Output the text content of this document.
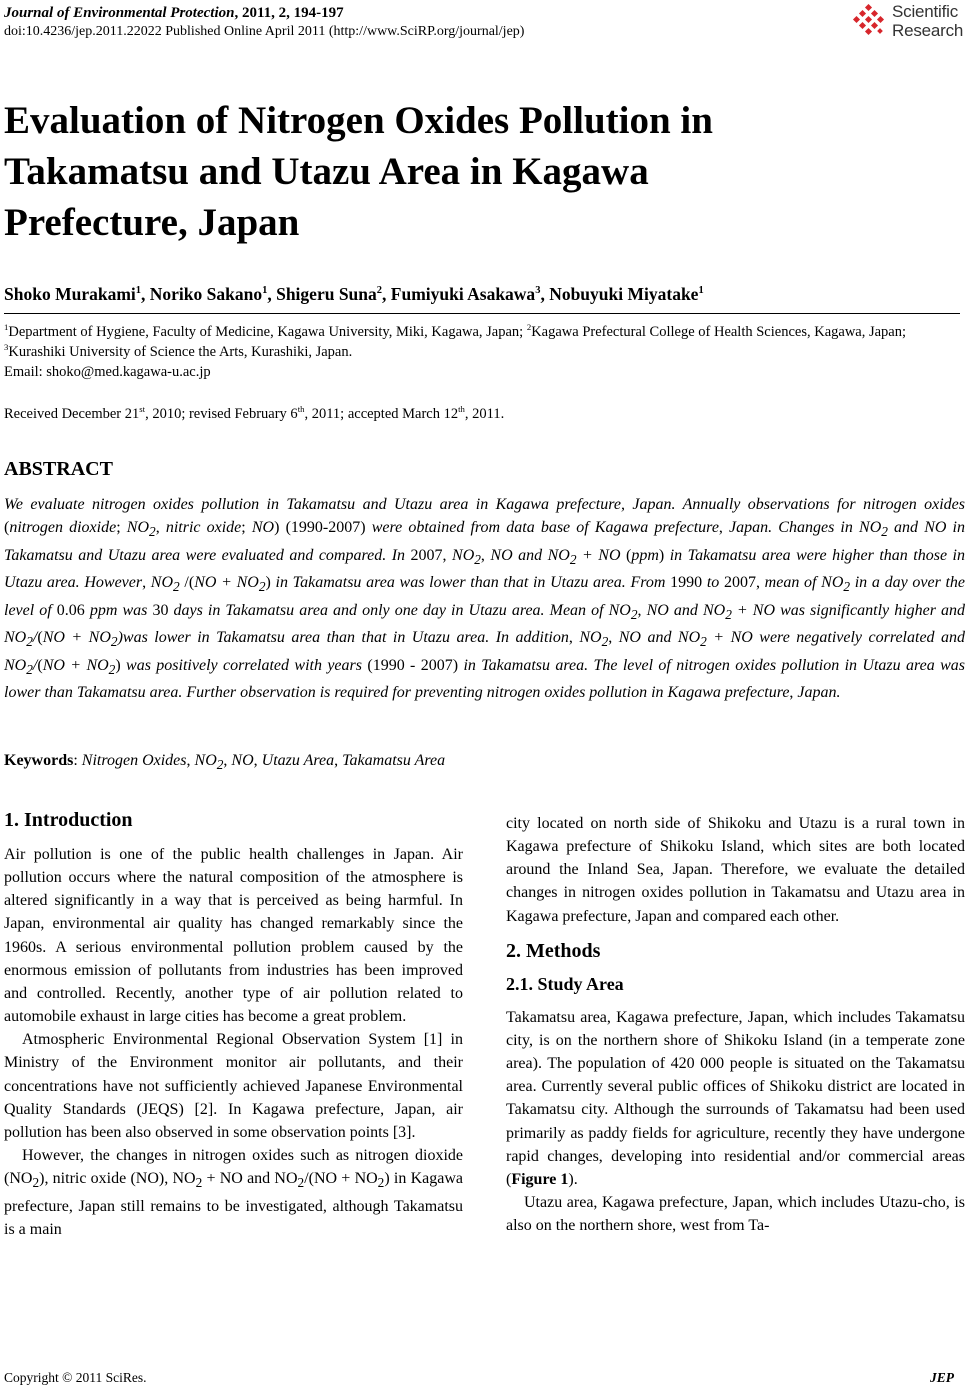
Journal of Environmental Protection, 2011, 2, 194-197
doi:10.4236/jep.2011.22022 Published Online April 2011 (http://www.SciRP.org/journal/jep)
Scientific
Research
Evaluation of Nitrogen Oxides Pollution in
Takamatsu and Utazu Area in Kagawa
Prefecture, Japan
Shoko Murakami$^1$, Noriko Sakano$^1$, Shigeru Suna$^2$, Fumiyuki Asakawa$^3$, Nobuyuki Miyatake$^1$
$^1$Department of Hygiene, Faculty of Medicine, Kagawa University, Miki, Kagawa, Japan; $^2$Kagawa Prefectural College of Health Sciences, Kagawa, Japan; $^3$Kurashiki University of Science the Arts, Kurashiki, Japan.
Email: shoko@med.kagawa-u.ac.jp
Received December 21st, 2010; revised February 6th, 2011; accepted March 12th, 2011.
ABSTRACT
We evaluate nitrogen oxides pollution in Takamatsu and Utazu area in Kagawa prefecture, Japan. Annually observations for nitrogen oxides (nitrogen dioxide; $NO_2$, nitric oxide; NO) (1990-2007) were obtained from data base of Kagawa prefecture, Japan. Changes in $NO_2$ and NO in Takamatsu and Utazu area were evaluated and compared. In 2007, $NO_2$, NO and $NO_2$ + NO (ppm) in Takamatsu area were higher than those in Utazu area. However, $NO_2$ $/(NO + NO_2)$ in Takamatsu area was lower than that in Utazu area. From 1990 to 2007, mean of $NO_2$ in a day over the level of 0.06 ppm was 30 days in Takamatsu area and only one day in Utazu area. Mean of $NO_2$, NO and $NO_2$ + NO was significantly higher and $NO_2/(NO + NO_2)was$ lower in Takamatsu area than that in Utazu area. In addition, $NO_2$, NO and $NO_2$ + NO were negatively correlated and $NO_2/(NO + NO_2)$ was positively correlated with years (1990 - 2007) in Takamatsu area. The level of nitrogen oxides pollution in Utazu area was lower than Takamatsu area. Further observation is required for preventing nitrogen oxides pollution in Kagawa prefecture, Japan.
Keywords: Nitrogen Oxides, $NO_2$, NO, Utazu Area, Takamatsu Area
1. Introduction

Air pollution is one of the public health challenges in Japan. Air pollution occurs where the natural composition of the atmosphere is altered significantly in a way that is perceived as being harmful. In Japan, environmental air quality has changed remarkably since the 1960s. A serious environmental pollution problem caused by the enormous emission of pollutants from industries has been improved and controlled. Recently, another type of air pollution related to automobile exhaust in large cities has become a great problem.

Atmospheric Environmental Regional Observation System [1] in Ministry of the Environment monitor air pollutants, and their concentrations have not sufficiently achieved Japanese Environmental Quality Standards (JEQS) [2]. In Kagawa prefecture, Japan, air pollution has been also observed in some observation points [3].

However, the changes in nitrogen oxides such as nitrogen dioxide $(NO_2)$, nitric oxide (NO), $NO_2$ + NO and $NO_2/(NO + NO_2)$ in Kagawa prefecture, Japan still remains to be investigated, although Takamatsu is a main

city located on north side of Shikoku and Utazu is a rural town in Kagawa prefecture of Shikoku Island, which sites are both located around the Inland Sea, Japan. Therefore, we evaluate the detailed changes in nitrogen oxides pollution in Takamatsu and Utazu area in Kagawa prefecture, Japan and compared each other.

2. Methods
2.1. Study Area

Takamatsu area, Kagawa prefecture, Japan, which includes Takamatsu city, is on the northern shore of Shikoku Island (in a temperate zone area). The population of 420 000 people is situated on the Takamatsu area. Currently several public offices of Shikoku district are located in Takamatsu city. Although the surrounds of Takamatsu had been used primarily as paddy fields for agriculture, recently they have undergone rapid changes, developing into residential and/or commercial areas (Figure 1).

Utazu area, Kagawa prefecture, Japan, which includes Utazu-cho, is also on the northern shore, west from Ta-

Copyright © 2011 SciRes.	JEP
